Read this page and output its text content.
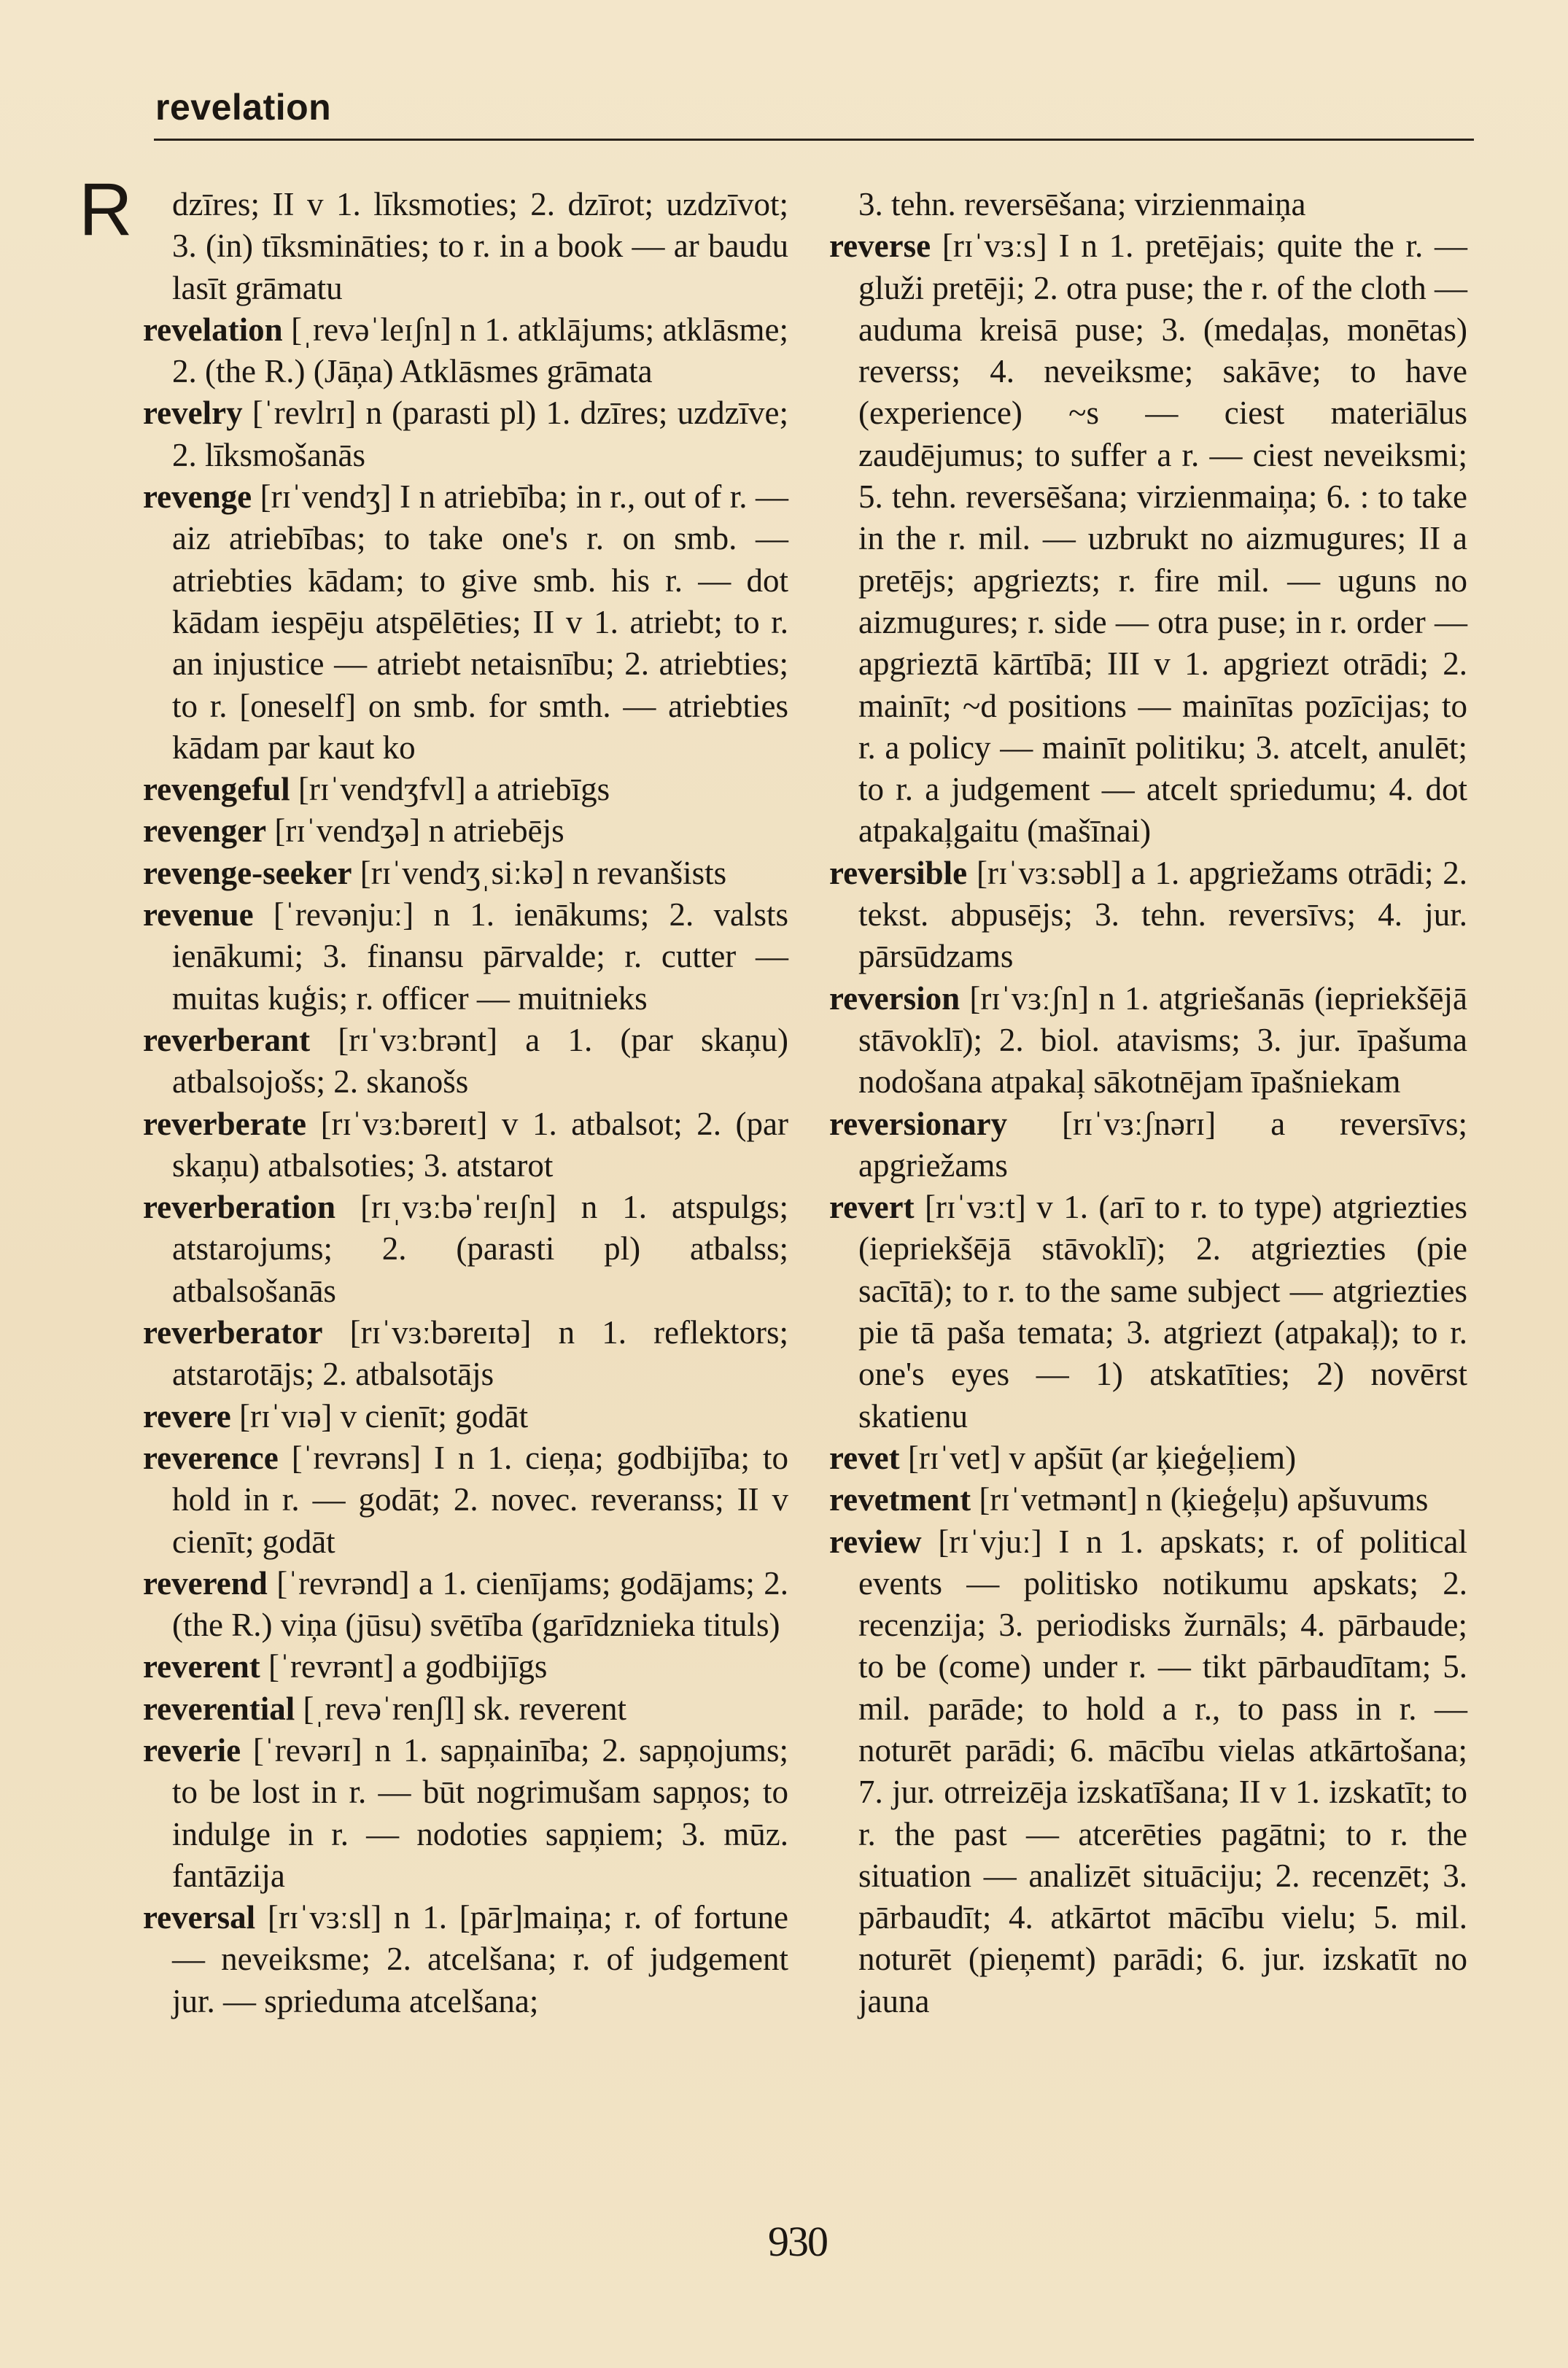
revelation
R	dzīres; II v 1. līksmoties; 2. dzīrot; uzdzīvot; 3. (in) tīksmināties; to r. in a book — ar baudu lasīt grāmatu
revelation [ˌrevəˈleɪʃn] n 1. atklājums; atklāsme; 2. (the R.) (Jāņa) Atklāsmes grāmata
revelry [ˈrevlrɪ] n (parasti pl) 1. dzīres; uzdzīve; 2. līksmošanās
revenge [rɪˈvendʒ] I n atriebība; in r., out of r. — aiz atriebības; to take one's r. on smb. — atriebties kādam; to give smb. his r. — dot kādam iespēju atspēlēties; II v 1. atriebt; to r. an injustice — atriebt netaisnību; 2. atriebties; to r. [oneself] on smb. for smth. — atriebties kādam par kaut ko
revengeful [rɪˈvendʒfvl] a atriebīgs
revenger [rɪˈvendʒə] n atriebējs
revenge-seeker [rɪˈvendʒˌsiːkə] n revanšists
revenue [ˈrevənjuː] n 1. ienākums; 2. valsts ienākumi; 3. finansu pārvalde; r. cutter — muitas kuģis; r. officer — muitnieks
reverberant [rɪˈvɜːbrənt] a 1. (par skaņu) atbalsojošs; 2. skanošs
reverberate [rɪˈvɜːbəreɪt] v 1. atbalsot; 2. (par skaņu) atbalsoties; 3. atstarot
reverberation [rɪˌvɜːbəˈreɪʃn] n 1. atspulgs; atstarojums; 2. (parasti pl) atbalss; atbalsošanās
reverberator [rɪˈvɜːbəreɪtə] n 1. reflektors; atstarotājs; 2. atbalsotājs
revere [rɪˈvɪə] v cienīt; godāt
reverence [ˈrevrəns] I n 1. cieņa; godbijība; to hold in r. — godāt; 2. novec. reveranss; II v cienīt; godāt
reverend [ˈrevrənd] a 1. cienījams; godājams; 2. (the R.) viņa (jūsu) svētība (garīdznieka tituls)
reverent [ˈrevrənt] a godbijīgs
reverential [ˌrevəˈrenʃl] sk. reverent
reverie [ˈrevərɪ] n 1. sapņainība; 2. sapņojums; to be lost in r. — būt nogrimušam sapņos; to indulge in r. — nodoties sapņiem; 3. mūz. fantāzija
reversal [rɪˈvɜːsl] n 1. [pār]maiņa; r. of fortune — neveiksme; 2. atcelšana; r. of judgement jur. — sprieduma atcelšana;
3. tehn. reversēšana; virzienmaiņa
reverse [rɪˈvɜːs] I n 1. pretējais; quite the r. — gluži pretēji; 2. otra puse; the r. of the cloth — auduma kreisā puse; 3. (medaļas, monētas) reverss; 4. neveiksme; sakāve; to have (experience) ~s — ciest materiālus zaudējumus; to suffer a r. — ciest neveiksmi; 5. tehn. reversēšana; virzienmaiņa; 6. : to take in the r. mil. — uzbrukt no aizmugures; II a pretējs; apgriezts; r. fire mil. — uguns no aizmugures; r. side — otra puse; in r. order — apgrieztā kārtībā; III v 1. apgriezt otrādi; 2. mainīt; ~d positions — mainītas pozīcijas; to r. a policy — mainīt politiku; 3. atcelt, anulēt; to r. a judgement — atcelt spriedumu; 4. dot atpakaļgaitu (mašīnai)
reversible [rɪˈvɜːsəbl] a 1. apgriežams otrādi; 2. tekst. abpusējs; 3. tehn. reversīvs; 4. jur. pārsūdzams
reversion [rɪˈvɜːʃn] n 1. atgriešanās (iepriekšējā stāvoklī); 2. biol. atavisms; 3. jur. īpašuma nodošana atpakaļ sākotnējam īpašniekam
reversionary [rɪˈvɜːʃnərɪ] a reversīvs; apgriežams
revert [rɪˈvɜːt] v 1. (arī to r. to type) atgriezties (iepriekšējā stāvoklī); 2. atgriezties (pie sacītā); to r. to the same subject — atgriezties pie tā paša temata; 3. atgriezt (atpakaļ); to r. one's eyes — 1) atskatīties; 2) novērst skatienu
revet [rɪˈvet] v apšūt (ar ķieģeļiem)
revetment [rɪˈvetmənt] n (ķieģeļu) apšuvums
review [rɪˈvjuː] I n 1. apskats; r. of political events — politisko notikumu apskats; 2. recenzija; 3. periodisks žurnāls; 4. pārbaude; to be (come) under r. — tikt pārbaudītam; 5. mil. parāde; to hold a r., to pass in r. — noturēt parādi; 6. mācību vielas atkārtošana; 7. jur. otrreizēja izskatīšana; II v 1. izskatīt; to r. the past — atcerēties pagātni; to r. the situation — analizēt situāciju; 2. recenzēt; 3. pārbaudīt; 4. atkārtot mācību vielu; 5. mil. noturēt (pieņemt) parādi; 6. jur. izskatīt no jauna
930
